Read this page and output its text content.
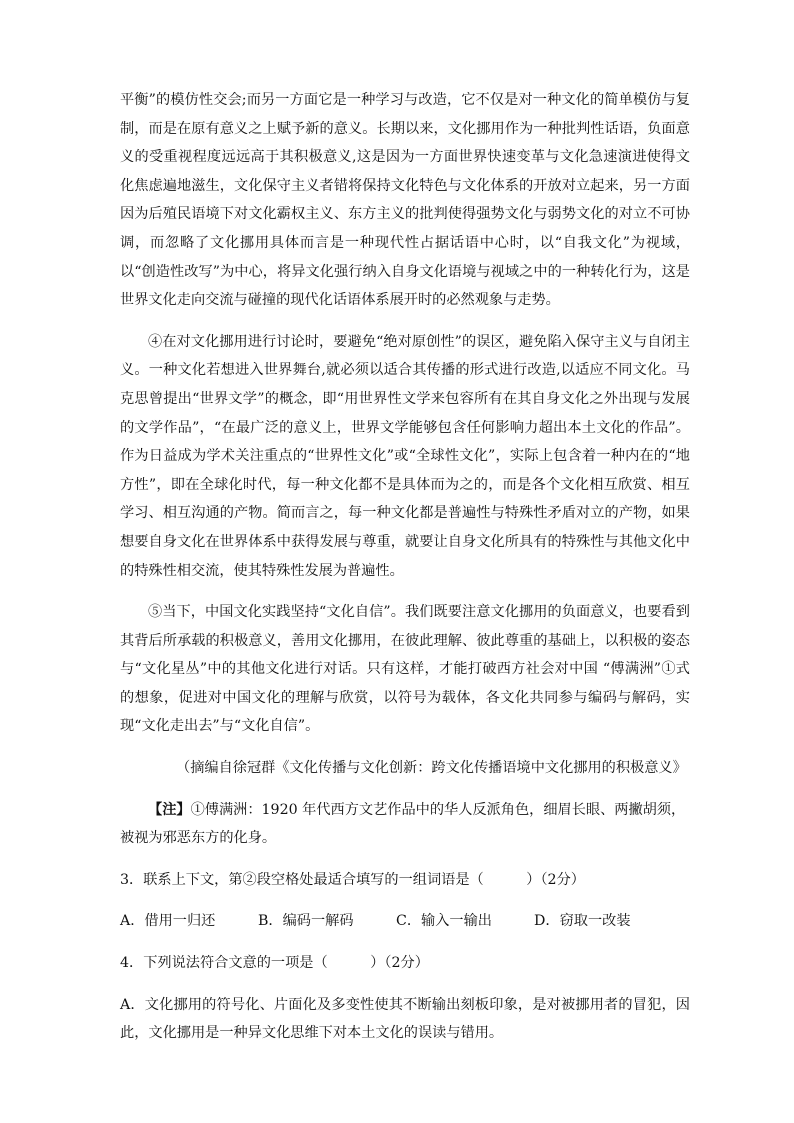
平衡”的模仿性交会;而另一方面它是一种学习与改造，它不仅是对一种文化的简单模仿与复制，而是在原有意义之上赋予新的意义。长期以来，文化挪用作为一种批判性话语，负面意义的受重视程度远远高于其积极意义,这是因为一方面世界快速变革与文化急速演进使得文化焦虑遍地滋生，文化保守主义者错将保持文化特色与文化体系的开放对立起来，另一方面因为后殖民语境下对文化霸权主义、东方主义的批判使得强势文化与弱势文化的对立不可协调，而忽略了文化挪用具体而言是一种现代性占据话语中心时，以“自我文化”为视域，以“创造性改写”为中心，将异文化强行纳入自身文化语境与视域之中的一种转化行为，这是世界文化走向交流与碰撞的现代化话语体系展开时的必然观象与走势。

④在对文化挪用进行讨论时，要避免“绝对原创性”的误区，避免陷入保守主义与自闭主义。一种文化若想进入世界舞台,就必须以适合其传播的形式进行改造,以适应不同文化。马克思曾提出“世界文学”的概念，即“用世界性文学来包容所有在其自身文化之外出现与发展的文学作品”，“在最广泛的意义上，世界文学能够包含任何影响力超出本土文化的作品”。作为日益成为学术关注重点的“世界性文化”或“全球性文化”，实际上包含着一种内在的“地方性”，即在全球化时代，每一种文化都不是具体而为之的，而是各个文化相互欣赏、相互学习、相互沟通的产物。简而言之，每一种文化都是普遍性与特殊性矛盾对立的产物，如果想要自身文化在世界体系中获得发展与尊重，就要让自身文化所具有的特殊性与其他文化中的特殊性相交流，使其特殊性发展为普遍性。

⑤当下，中国文化实践坚持“文化自信”。我们既要注意文化挪用的负面意义，也要看到其背后所承载的积极意义，善用文化挪用，在彼此理解、彼此尊重的基础上，以积极的姿态与“文化星丛”中的其他文化进行对话。只有这样，才能打破西方社会对中国 “傅满洲”①式的想象，促进对中国文化的理解与欣赏，以符号为载体，各文化共同参与编码与解码，实现“文化走出去”与“文化自信”。

（摘编自徐冠群《文化传播与文化创新：跨文化传播语境中文化挪用的积极意义》

【注】①傅满洲：1920 年代西方文艺作品中的华人反派角色，细眉长眼、两撇胡须，被视为邪恶东方的化身。

3．联系上下文，第②段空格处最适合填写的一组词语是（　　　）（2分）

A．借用一归还	B．编码一解码	C．输入一输出	D．窃取一改装

4．下列说法符合文意的一项是（　　　）（2分）

A．文化挪用的符号化、片面化及多变性使其不断输出刻板印象，是对被挪用者的冒犯，因此，文化挪用是一种异文化思维下对本土文化的误读与错用。
